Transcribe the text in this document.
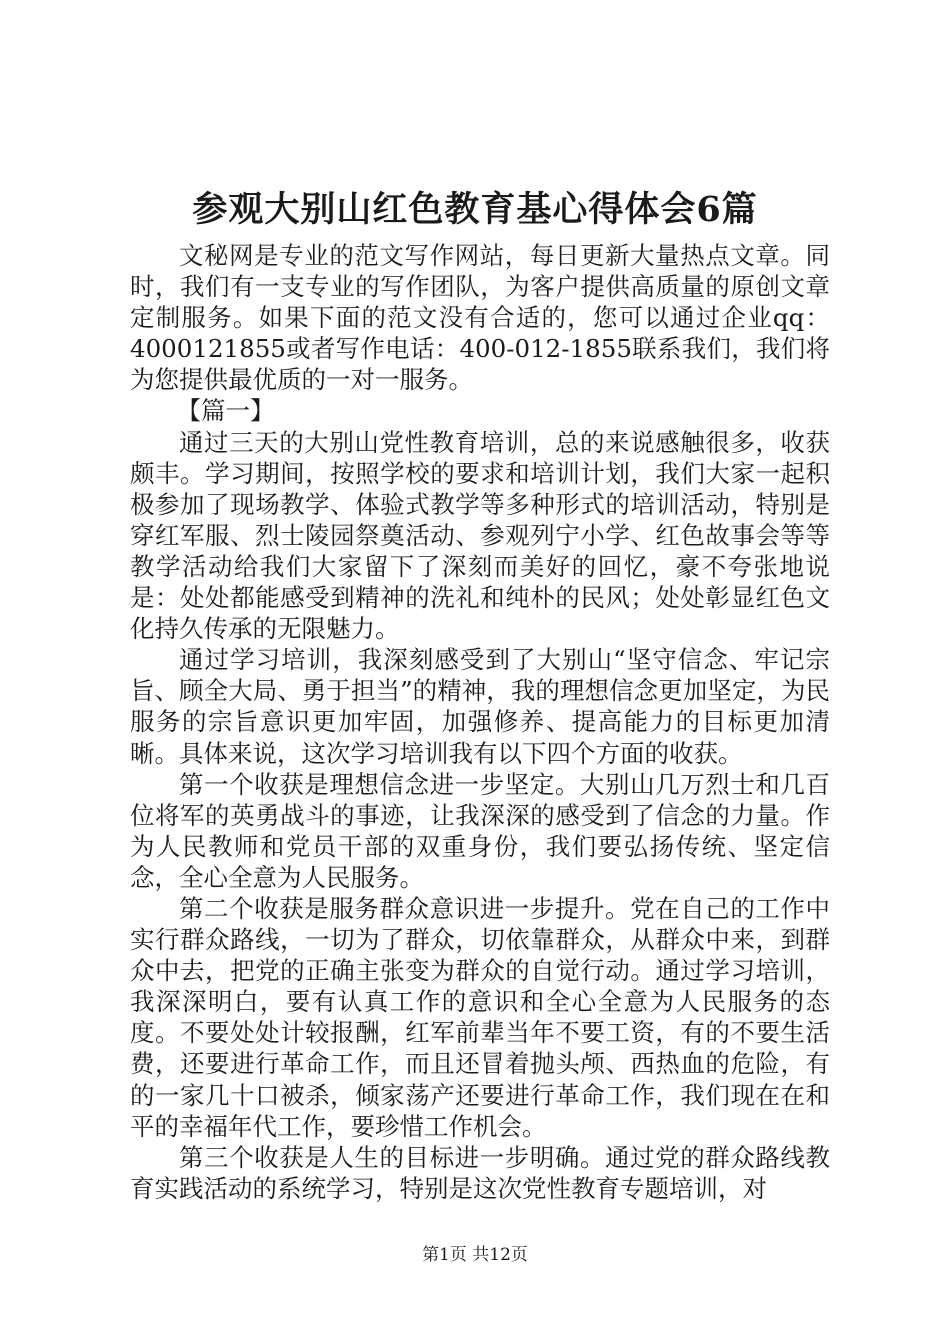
参观大别山红色教育基心得体会6篇

文秘网是专业的范文写作网站，每日更新大量热点文章。同时，我们有一支专业的写作团队，为客户提供高质量的原创文章定制服务。如果下面的范文没有合适的，您可以通过企业qq：4000121855或者写作电话：400-012-1855联系我们，我们将为您提供最优质的一对一服务。

【篇一】

通过三天的大别山党性教育培训，总的来说感触很多，收获颇丰。学习期间，按照学校的要求和培训计划，我们大家一起积极参加了现场教学、体验式教学等多种形式的培训活动，特别是穿红军服、烈士陵园祭奠活动、参观列宁小学、红色故事会等等教学活动给我们大家留下了深刻而美好的回忆，豪不夸张地说是：处处都能感受到精神的洗礼和纯朴的民风；处处彰显红色文化持久传承的无限魅力。

通过学习培训，我深刻感受到了大别山“坚守信念、牢记宗旨、顾全大局、勇于担当”的精神，我的理想信念更加坚定，为民服务的宗旨意识更加牢固，加强修养、提高能力的目标更加清晰。具体来说，这次学习培训我有以下四个方面的收获。

第一个收获是理想信念进一步坚定。大别山几万烈士和几百位将军的英勇战斗的事迹，让我深深的感受到了信念的力量。作为人民教师和党员干部的双重身份，我们要弘扬传统、坚定信念，全心全意为人民服务。

第二个收获是服务群众意识进一步提升。党在自己的工作中实行群众路线，一切为了群众，切依靠群众，从群众中来，到群众中去，把党的正确主张变为群众的自觉行动。通过学习培训，我深深明白，要有认真工作的意识和全心全意为人民服务的态度。不要处处计较报酬，红军前辈当年不要工资，有的不要生活费，还要进行革命工作，而且还冒着抛头颅、西热血的危险，有的一家几十口被杀，倾家荡产还要进行革命工作，我们现在在和平的幸福年代工作，要珍惜工作机会。

第三个收获是人生的目标进一步明确。通过党的群众路线教育实践活动的系统学习，特别是这次党性教育专题培训，对

第1页 共12页
